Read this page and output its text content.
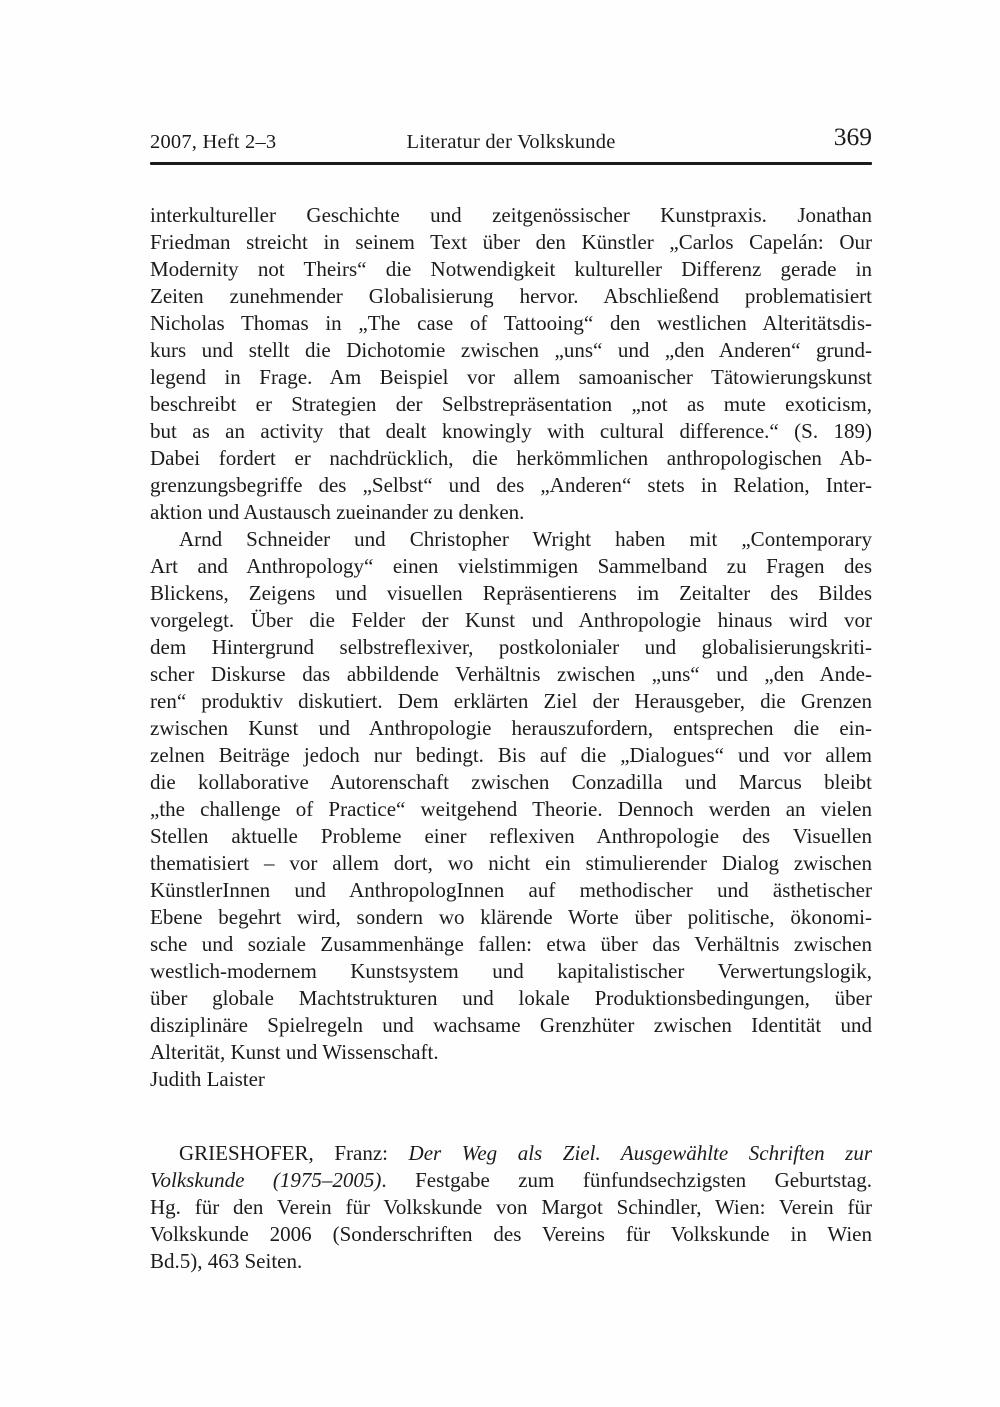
2007, Heft 2–3	Literatur der Volkskunde	369
interkultureller Geschichte und zeitgenössischer Kunstpraxis. Jonathan
Friedman streicht in seinem Text über den Künstler „Carlos Capelán: Our
Modernity not Theirs“ die Notwendigkeit kultureller Differenz gerade in
Zeiten zunehmender Globalisierung hervor. Abschließend problematisiert
Nicholas Thomas in „The case of Tattooing“ den westlichen Alteritätsdis-
kurs und stellt die Dichotomie zwischen „uns“ und „den Anderen“ grund-
legend in Frage. Am Beispiel vor allem samoanischer Tätowierungskunst
beschreibt er Strategien der Selbstrepräsentation „not as mute exoticism,
but as an activity that dealt knowingly with cultural difference.“ (S. 189)
Dabei fordert er nachdrücklich, die herkömmlichen anthropologischen Ab-
grenzungsbegriffe des „Selbst“ und des „Anderen“ stets in Relation, Inter-
aktion und Austausch zueinander zu denken.
Arnd Schneider und Christopher Wright haben mit „Contemporary
Art and Anthropology“ einen vielstimmigen Sammelband zu Fragen des
Blickens, Zeigens und visuellen Repräsentierens im Zeitalter des Bildes
vorgelegt. Über die Felder der Kunst und Anthropologie hinaus wird vor
dem Hintergrund selbstreflexiver, postkolonialer und globalisierungskriti-
scher Diskurse das abbildende Verhältnis zwischen „uns“ und „den Ande-
ren“ produktiv diskutiert. Dem erklärten Ziel der Herausgeber, die Grenzen
zwischen Kunst und Anthropologie herauszufordern, entsprechen die ein-
zelnen Beiträge jedoch nur bedingt. Bis auf die „Dialogues“ und vor allem
die kollaborative Autorenschaft zwischen Conzadilla und Marcus bleibt
„the challenge of Practice“ weitgehend Theorie. Dennoch werden an vielen
Stellen aktuelle Probleme einer reflexiven Anthropologie des Visuellen
thematisiert – vor allem dort, wo nicht ein stimulierender Dialog zwischen
KünstlerInnen und AnthropologInnen auf methodischer und ästhetischer
Ebene begehrt wird, sondern wo klärende Worte über politische, ökonomi-
sche und soziale Zusammenhänge fallen: etwa über das Verhältnis zwischen
westlich-modernem Kunstsystem und kapitalistischer Verwertungslogik,
über globale Machtstrukturen und lokale Produktionsbedingungen, über
disziplinäre Spielregeln und wachsame Grenzhüter zwischen Identität und
Alterität, Kunst und Wissenschaft.
Judith Laister
GRIESHOFER, Franz: Der Weg als Ziel. Ausgewählte Schriften zur
Volkskunde (1975–2005). Festgabe zum fünfundsechzigsten Geburtstag.
Hg. für den Verein für Volkskunde von Margot Schindler, Wien: Verein für
Volkskunde 2006 (Sonderschriften des Vereins für Volkskunde in Wien
Bd.5), 463 Seiten.
